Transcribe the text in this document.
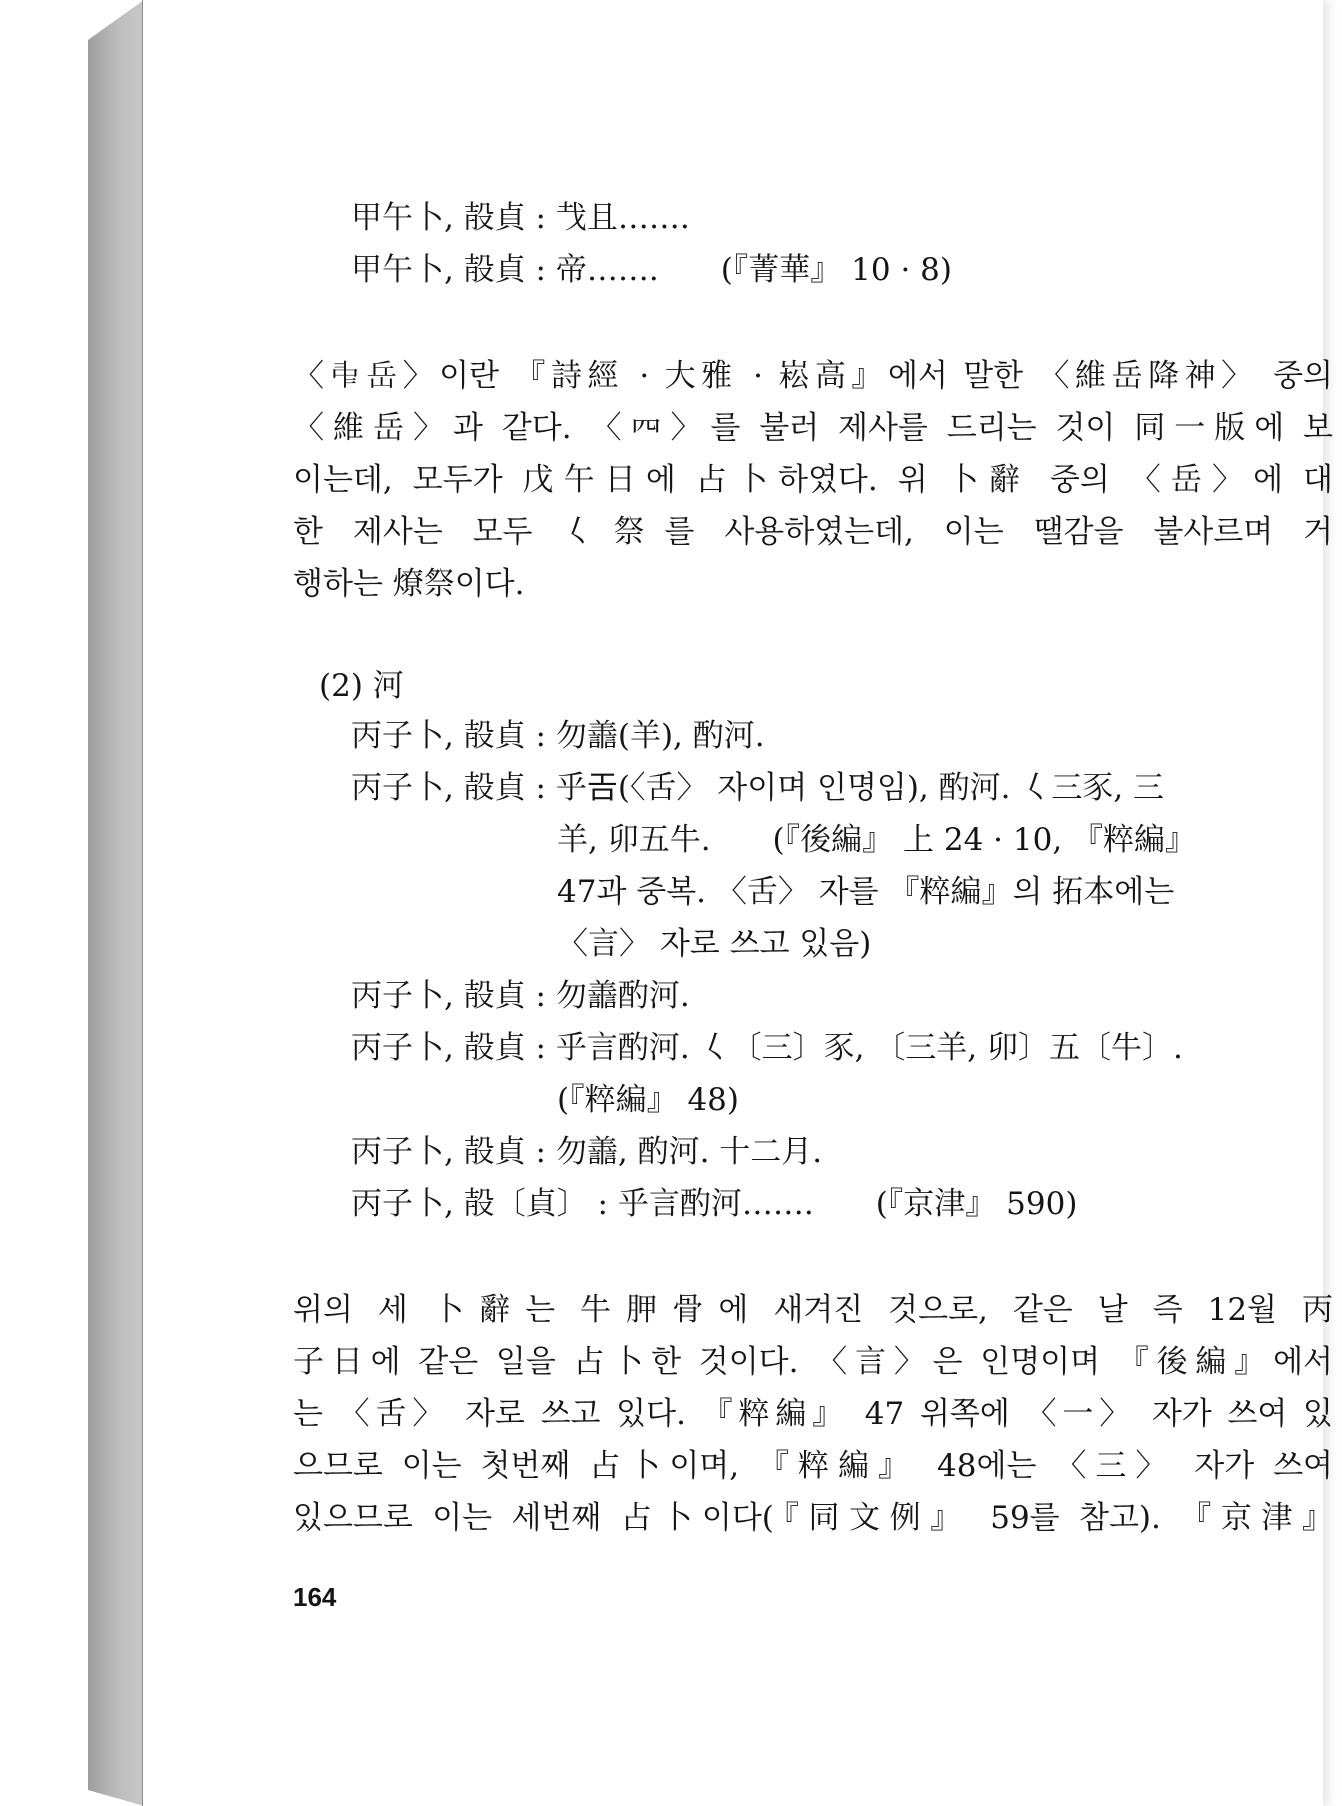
甲午卜, 㱿貞 : 𢦏且…….
甲午卜, 㱿貞 : 帝…….　　(『菁華』 10 · 8)
〈𠁩岳〉이란 『詩經 · 大雅 · 崧高』에서 말한 〈維岳降神〉 중의
〈維岳〉과 같다. 〈𦉪〉를 불러 제사를 드리는 것이 同一版에 보
이는데, 모두가 戊午日에 占卜하였다. 위 卜辭 중의 〈岳〉에 대
한 제사는 모두 𡿨祭를 사용하였는데, 이는 땔감을 불사르며 거
행하는 燎祭이다.
(2) 河
丙子卜, 㱿貞 : 勿譱(羊), 酌河.
丙子卜, 㱿貞 : 乎𢀛(〈舌〉 자이며 인명임), 酌河. 𡿨三豕, 三
羊, 卯五牛.　　(『後編』 上 24 · 10, 『粹編』
47과 중복. 〈舌〉 자를 『粹編』의 拓本에는
〈言〉 자로 쓰고 있음)
丙子卜, 㱿貞 : 勿譱酌河.
丙子卜, 㱿貞 : 乎言酌河. 𡿨〔三〕豕, 〔三羊, 卯〕五〔牛〕.
(『粹編』 48)
丙子卜, 㱿貞 : 勿譱, 酌河. 十二月.
丙子卜, 㱿〔貞〕 : 乎言酌河…….　　(『京津』 590)
위의 세 卜辭는 牛胛骨에 새겨진 것으로, 같은 날 즉 12월 丙
子日에 같은 일을 占卜한 것이다. 〈言〉은 인명이며 『後編』에서
는 〈舌〉 자로 쓰고 있다. 『粹編』 47 위쪽에 〈一〉 자가 쓰여 있
으므로 이는 첫번째 占卜이며, 『粹編』 48에는 〈三〉 자가 쓰여
있으므로 이는 세번째 占卜이다(『同文例』 59를 참고). 『京津』
164
